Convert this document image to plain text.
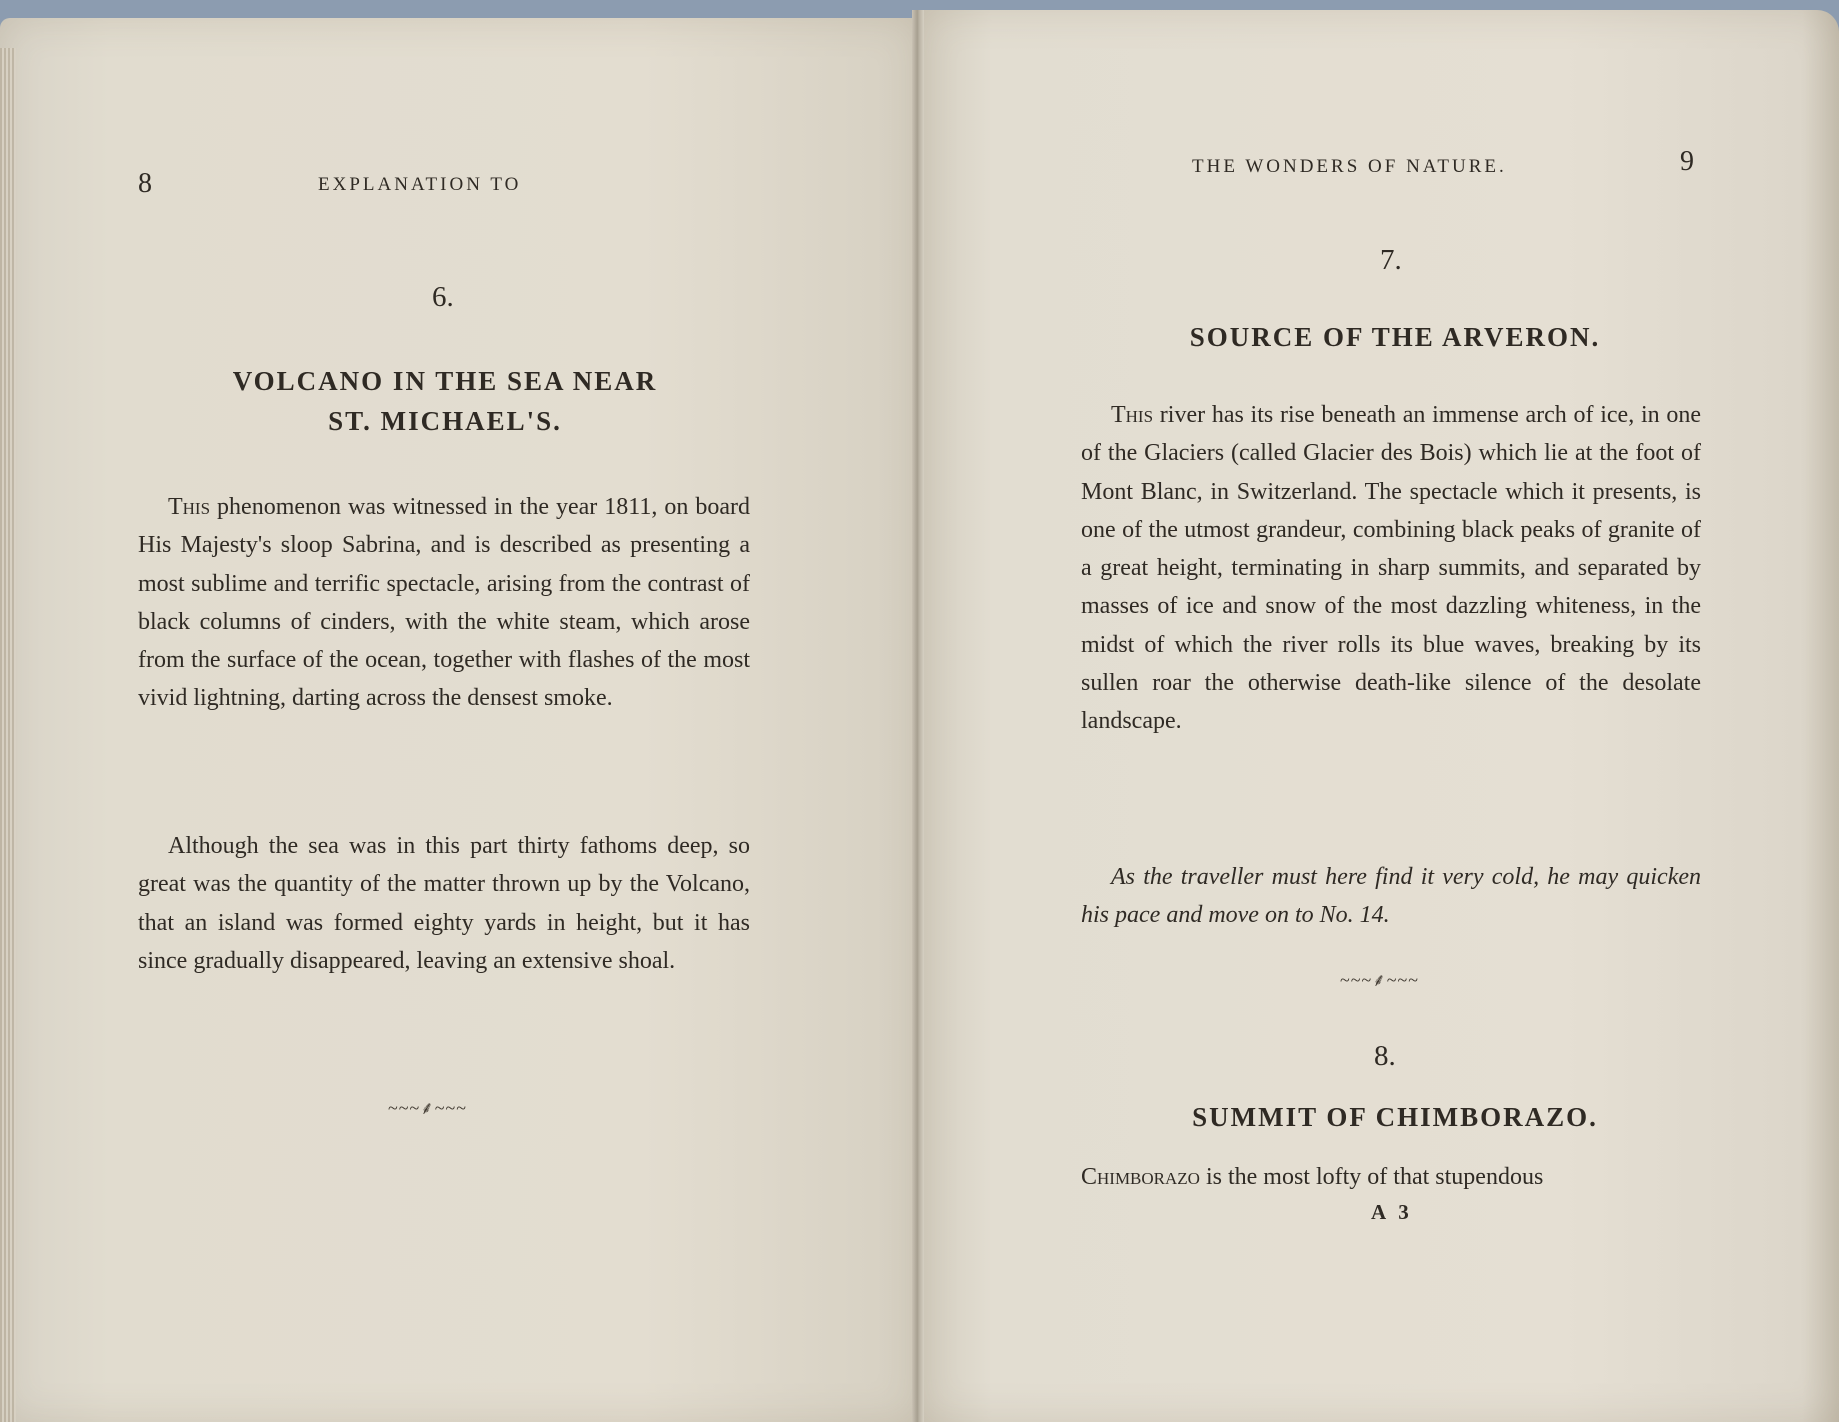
8	EXPLANATION TO
6.
VOLCANO IN THE SEA NEAR
ST. MICHAEL'S.
This phenomenon was witnessed in the year 1811, on board His Majesty's sloop Sabrina, and is described as presenting a most sublime and terrific spectacle, arising from the contrast of black columns of cinders, with the white steam, which arose from the surface of the ocean, together with flashes of the most vivid lightning, darting across the densest smoke.
Although the sea was in this part thirty fathoms deep, so great was the quantity of the matter thrown up by the Volcano, that an island was formed eighty yards in height, but it has since gradually disappeared, leaving an extensive shoal.
~~~⸙~~~
THE WONDERS OF NATURE.	9
7.
SOURCE OF THE ARVERON.
This river has its rise beneath an immense arch of ice, in one of the Glaciers (called Glacier des Bois) which lie at the foot of Mont Blanc, in Switzerland. The spectacle which it presents, is one of the utmost grandeur, combining black peaks of granite of a great height, terminating in sharp summits, and separated by masses of ice and snow of the most dazzling whiteness, in the midst of which the river rolls its blue waves, breaking by its sullen roar the otherwise death-like silence of the desolate landscape.
As the traveller must here find it very cold, he may quicken his pace and move on to No. 14.
~~~⸙~~~
8.
SUMMIT OF CHIMBORAZO.
Chimborazo is the most lofty of that stupendous
A 3
